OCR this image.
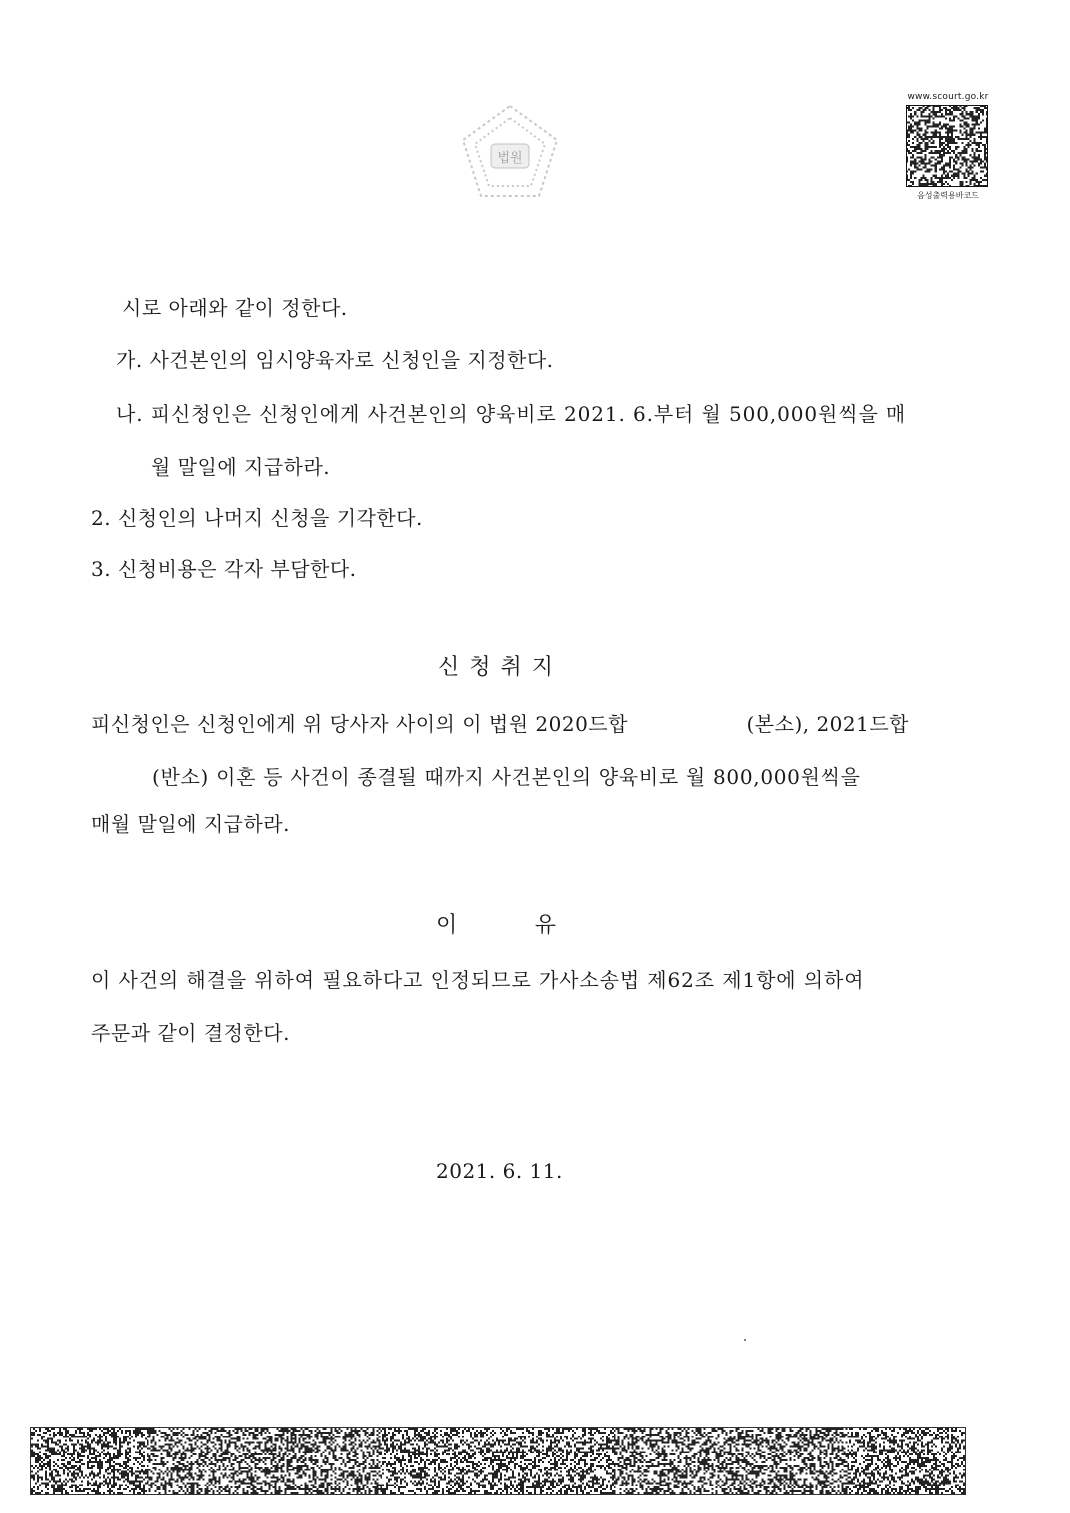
법원
www.scourt.go.kr
음성출력용바코드
시로 아래와 같이 정한다.
가. 사건본인의 임시양육자로 신청인을 지정한다.
나. 피신청인은 신청인에게 사건본인의 양육비로 2021. 6.부터 월 500,000원씩을 매
월 말일에 지급하라.
2. 신청인의 나머지 신청을 기각한다.
3. 신청비용은 각자 부담한다.
신청취지
피신청인은 신청인에게 위 당사자 사이의 이 법원 2020드합	(본소), 2021드합
(반소) 이혼 등 사건이 종결될 때까지 사건본인의 양육비로 월 800,000원씩을
매월 말일에 지급하라.
이	유
이 사건의 해결을 위하여 필요하다고 인정되므로 가사소송법 제62조 제1항에 의하여
주문과 같이 결정한다.
2021. 6. 11.
